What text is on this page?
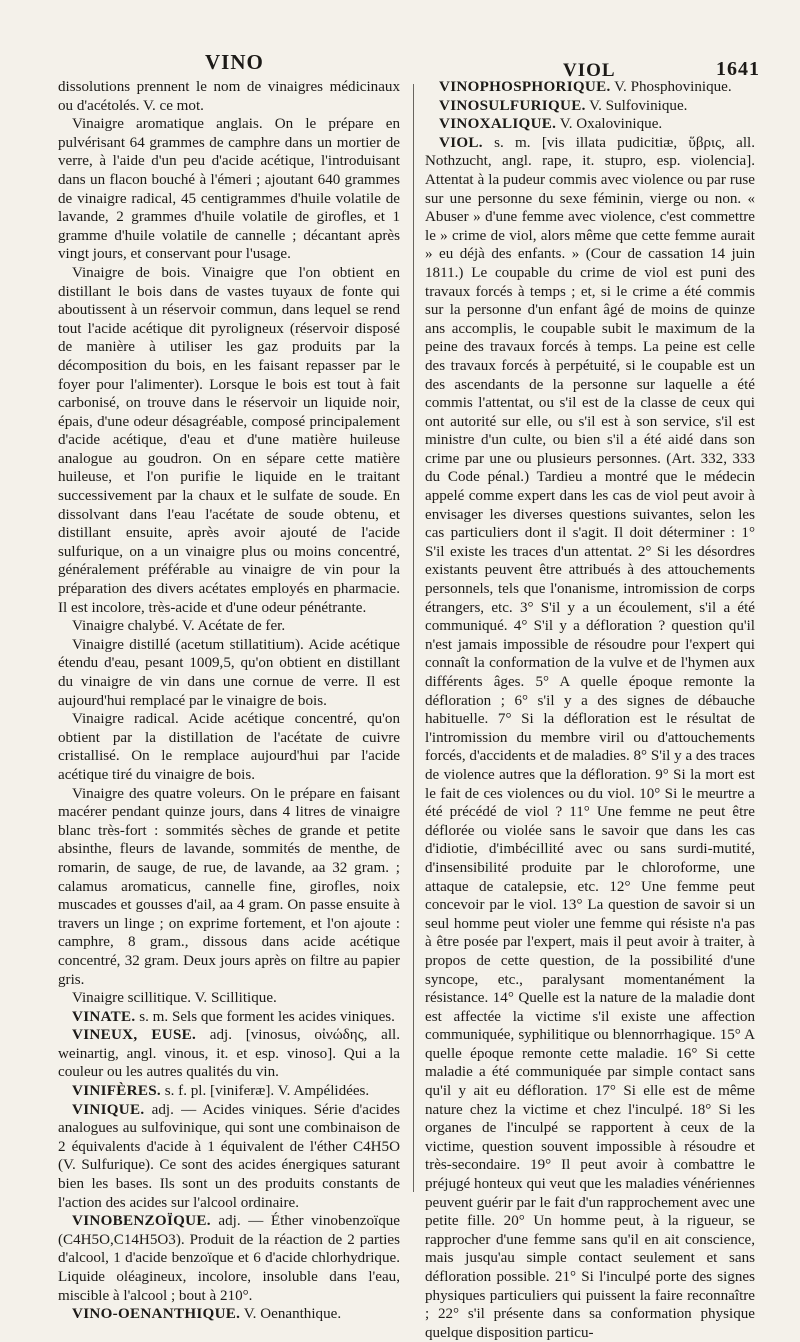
VINO	VIOL	1641

dissolutions prennent le nom de vinaigres médicinaux ou d'acétolés. V. ce mot.

Vinaigre aromatique anglais. On le prépare en pulvérisant 64 grammes de camphre dans un mortier de verre, à l'aide d'un peu d'acide acétique, l'introduisant dans un flacon bouché à l'émeri ; ajoutant 640 grammes de vinaigre radical, 45 centigrammes d'huile volatile de lavande, 2 grammes d'huile volatile de girofles, et 1 gramme d'huile volatile de cannelle ; décantant après vingt jours, et conservant pour l'usage.

Vinaigre de bois. Vinaigre que l'on obtient en distillant le bois dans de vastes tuyaux de fonte qui aboutissent à un réservoir commun, dans lequel se rend tout l'acide acétique dit pyroligneux (réservoir disposé de manière à utiliser les gaz produits par la décomposition du bois, en les faisant repasser par le foyer pour l'alimenter). Lorsque le bois est tout à fait carbonisé, on trouve dans le réservoir un liquide noir, épais, d'une odeur désagréable, composé principalement d'acide acétique, d'eau et d'une matière huileuse analogue au goudron. On en sépare cette matière huileuse, et l'on purifie le liquide en le traitant successivement par la chaux et le sulfate de soude. En dissolvant dans l'eau l'acétate de soude obtenu, et distillant ensuite, après avoir ajouté de l'acide sulfurique, on a un vinaigre plus ou moins concentré, généralement préférable au vinaigre de vin pour la préparation des divers acétates employés en pharmacie. Il est incolore, très-acide et d'une odeur pénétrante.

Vinaigre chalybé. V. Acétate de fer.

Vinaigre distillé (acetum stillatitium). Acide acétique étendu d'eau, pesant 1009,5, qu'on obtient en distillant du vinaigre de vin dans une cornue de verre. Il est aujourd'hui remplacé par le vinaigre de bois.

Vinaigre radical. Acide acétique concentré, qu'on obtient par la distillation de l'acétate de cuivre cristallisé. On le remplace aujourd'hui par l'acide acétique tiré du vinaigre de bois.

Vinaigre des quatre voleurs. On le prépare en faisant macérer pendant quinze jours, dans 4 litres de vinaigre blanc très-fort : sommités sèches de grande et petite absinthe, fleurs de lavande, sommités de menthe, de romarin, de sauge, de rue, de lavande, aa 32 gram. ; calamus aromaticus, cannelle fine, girofles, noix muscades et gousses d'ail, aa 4 gram. On passe ensuite à travers un linge ; on exprime fortement, et l'on ajoute : camphre, 8 gram., dissous dans acide acétique concentré, 32 gram. Deux jours après on filtre au papier gris.

Vinaigre scillitique. V. Scillitique.

VINATE. s. m. Sels que forment les acides viniques.

VINEUX, EUSE. adj. [vinosus, οἰνώδης, all. weinartig, angl. vinous, it. et esp. vinoso]. Qui a la couleur ou les autres qualités du vin.

VINIFÈRES. s. f. pl. [viniferæ]. V. Ampélidées.

VINIQUE. adj. — Acides viniques. Série d'acides analogues au sulfovinique, qui sont une combinaison de 2 équivalents d'acide à 1 équivalent de l'éther C4H5O (V. Sulfurique). Ce sont des acides énergiques saturant bien les bases. Ils sont un des produits constants de l'action des acides sur l'alcool ordinaire.

VINOBENZOÏQUE. adj. — Éther vinobenzoïque (C4H5O,C14H5O3). Produit de la réaction de 2 parties d'alcool, 1 d'acide benzoïque et 6 d'acide chlorhydrique. Liquide oléagineux, incolore, insoluble dans l'eau, miscible à l'alcool ; bout à 210°.

VINO-OENANTHIQUE. V. Oenanthique.

VINOPHOSPHORIQUE. V. Phosphovinique.

VINOSULFURIQUE. V. Sulfovinique.

VINOXALIQUE. V. Oxalovinique.

VIOL. s. m. [vis illata pudicitiæ, ὕβρις, all. Nothzucht, angl. rape, it. stupro, esp. violencia]. Attentat à la pudeur commis avec violence ou par ruse sur une personne du sexe féminin, vierge ou non. « Abuser » d'une femme avec violence, c'est commettre le » crime de viol, alors même que cette femme aurait » eu déjà des enfants. » (Cour de cassation 14 juin 1811.) Le coupable du crime de viol est puni des travaux forcés à temps ; et, si le crime a été commis sur la personne d'un enfant âgé de moins de quinze ans accomplis, le coupable subit le maximum de la peine des travaux forcés à temps. La peine est celle des travaux forcés à perpétuité, si le coupable est un des ascendants de la personne sur laquelle a été commis l'attentat, ou s'il est de la classe de ceux qui ont autorité sur elle, ou s'il est à son service, s'il est ministre d'un culte, ou bien s'il a été aidé dans son crime par une ou plusieurs personnes. (Art. 332, 333 du Code pénal.) Tardieu a montré que le médecin appelé comme expert dans les cas de viol peut avoir à envisager les diverses questions suivantes, selon les cas particuliers dont il s'agit. Il doit déterminer : 1° S'il existe les traces d'un attentat. 2° Si les désordres existants peuvent être attribués à des attouchements personnels, tels que l'onanisme, intromission de corps étrangers, etc. 3° S'il y a un écoulement, s'il a été communiqué. 4° S'il y a défloration ? question qu'il n'est jamais impossible de résoudre pour l'expert qui connaît la conformation de la vulve et de l'hymen aux différents âges. 5° A quelle époque remonte la défloration ; 6° s'il y a des signes de débauche habituelle. 7° Si la défloration est le résultat de l'intromission du membre viril ou d'attouchements forcés, d'accidents et de maladies. 8° S'il y a des traces de violence autres que la défloration. 9° Si la mort est le fait de ces violences ou du viol. 10° Si le meurtre a été précédé de viol ? 11° Une femme ne peut être déflorée ou violée sans le savoir que dans les cas d'idiotie, d'imbécillité avec ou sans surdi-mutité, d'insensibilité produite par le chloroforme, une attaque de catalepsie, etc. 12° Une femme peut concevoir par le viol. 13° La question de savoir si un seul homme peut violer une femme qui résiste n'a pas à être posée par l'expert, mais il peut avoir à traiter, à propos de cette question, de la possibilité d'une syncope, etc., paralysant momentanément la résistance. 14° Quelle est la nature de la maladie dont est affectée la victime s'il existe une affection communiquée, syphilitique ou blennorrhagique. 15° A quelle époque remonte cette maladie. 16° Si cette maladie a été communiquée par simple contact sans qu'il y ait eu défloration. 17° Si elle est de même nature chez la victime et chez l'inculpé. 18° Si les organes de l'inculpé se rapportent à ceux de la victime, question souvent impossible à résoudre et très-secondaire. 19° Il peut avoir à combattre le préjugé honteux qui veut que les maladies vénériennes peuvent guérir par le fait d'un rapprochement avec une petite fille. 20° Un homme peut, à la rigueur, se rapprocher d'une femme sans qu'il en ait conscience, mais jusqu'au simple contact seulement et sans défloration possible. 21° Si l'inculpé porte des signes physiques particuliers qui puissent la faire reconnaître ; 22° s'il présente dans sa conformation physique quelque disposition particu-
